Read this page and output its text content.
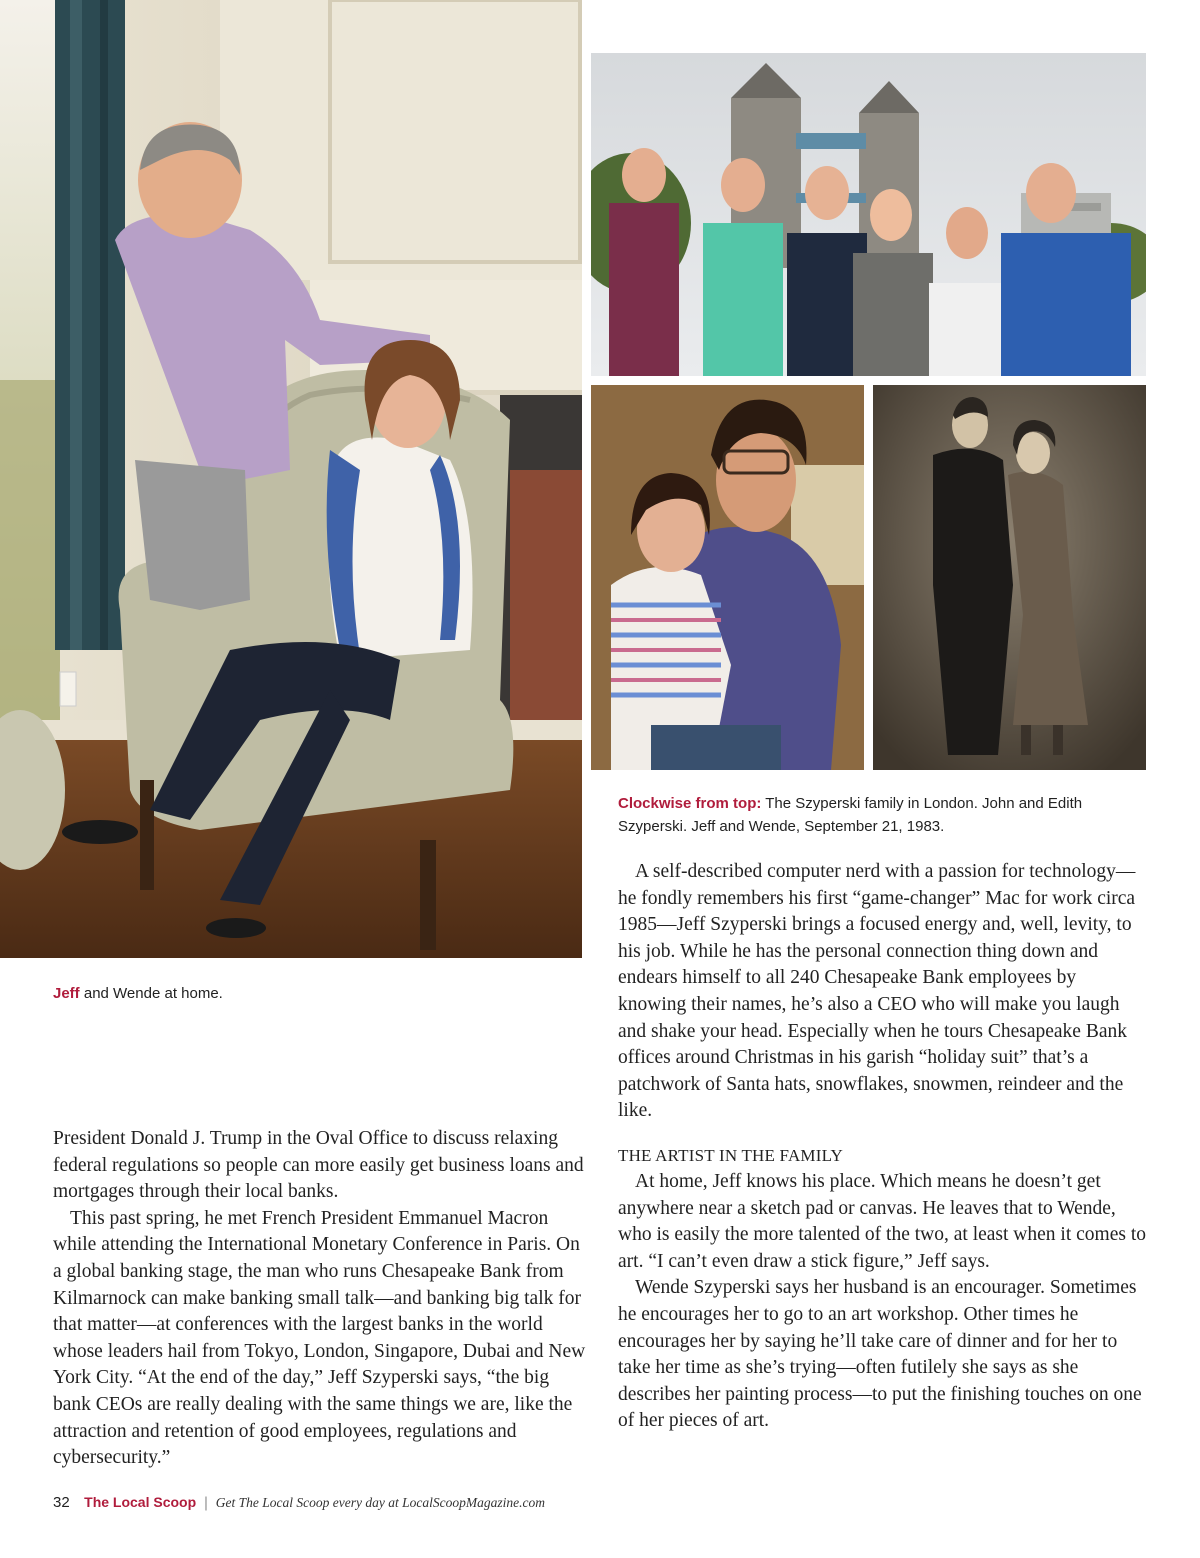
Jeff and Wende at home.
Clockwise from top: The Szyperski family in London. John and Edith Szyperski. Jeff and Wende, September 21, 1983.

President Donald J. Trump in the Oval Office to discuss relaxing federal regulations so people can more easily get business loans and mortgages through their local banks.

This past spring, he met French President Emmanuel Macron while attending the International Monetary Conference in Paris. On a global banking stage, the man who runs Chesapeake Bank from Kilmarnock can make banking small talk—and banking big talk for that matter—at conferences with the largest banks in the world whose leaders hail from Tokyo, London, Singapore, Dubai and New York City. “At the end of the day,” Jeff Szyperski says, “the big bank CEOs are really dealing with the same things we are, like the attraction and retention of good employees, regulations and cybersecurity.”

A self-described computer nerd with a passion for technology—he fondly remembers his first “game-changer” Mac for work circa 1985—Jeff Szyperski brings a focused energy and, well, levity, to his job. While he has the personal connection thing down and endears himself to all 240 Chesapeake Bank employees by knowing their names, he’s also a CEO who will make you laugh and shake your head. Especially when he tours Chesapeake Bank offices around Christmas in his garish “holiday suit” that’s a patchwork of Santa hats, snowflakes, snowmen, reindeer and the like.

THE ARTIST IN THE FAMILY

At home, Jeff knows his place. Which means he doesn’t get anywhere near a sketch pad or canvas. He leaves that to Wende, who is easily the more talented of the two, at least when it comes to art. “I can’t even draw a stick figure,” Jeff says.

Wende Szyperski says her husband is an encourager. Sometimes he encourages her to go to an art workshop. Other times he encourages her by saying he’ll take care of dinner and for her to take her time as she’s trying—often futilely she says as she describes her painting process—to put the finishing touches on one of her pieces of art.

32 The Local Scoop | Get The Local Scoop every day at LocalScoopMagazine.com
